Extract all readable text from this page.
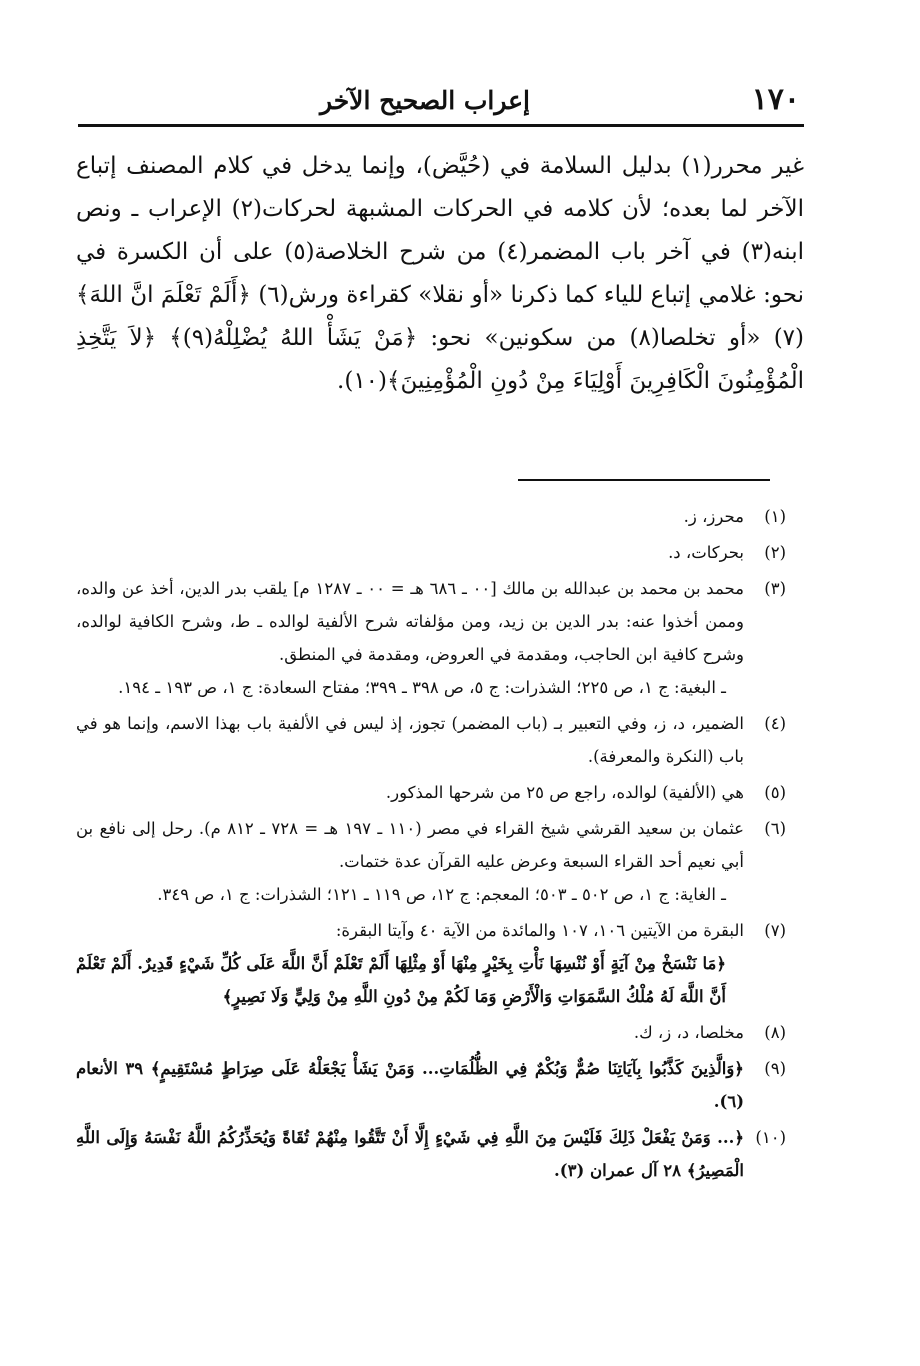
١٧٠
إعراب الصحيح الآخر

غير محرر(١) بدليل السلامة في (حُيَّض)، وإنما يدخل في كلام المصنف إتباع الآخر لما بعده؛ لأن كلامه في الحركات المشبهة لحركات(٢) الإعراب ـ ونص ابنه(٣) في آخر باب المضمر(٤) من شرح الخلاصة(٥) على أن الكسرة في نحو: غلامي إتباع للياء كما ذكرنا «أو نقلا» كقراءة ورش(٦) ﴿أَلَمْ تَعْلَمَ انَّ اللهَ﴾(٧) «أو تخلصا(٨) من سكونين» نحو: ﴿مَنْ يَشَأْ اللهُ يُضْلِلْهُ(٩)﴾ ﴿لاَ يَتَّخِذِ الْمُؤْمِنُونَ الْكَافِرِينَ أَوْلِيَاءَ مِنْ دُونِ الْمُؤْمِنِينَ﴾(١٠).

(١)

محرز، ز.

(٢)

بحركات، د.

(٣)

محمد بن محمد بن عبدالله بن مالك [٠٠ ـ ٦٨٦ هـ = ٠٠ ـ ١٢٨٧ م] يلقب بدر الدين، أخذ عن والده، وممن أخذوا عنه: بدر الدين بن زيد، ومن مؤلفاته شرح الألفية لوالده ـ ط، وشرح الكافية لوالده، وشرح كافية ابن الحاجب، ومقدمة في العروض، ومقدمة في المنطق.

ـ البغية: ج ١، ص ٢٢٥؛ الشذرات: ج ٥، ص ٣٩٨ ـ ٣٩٩؛ مفتاح السعادة: ج ١، ص ١٩٣ ـ ١٩٤.

(٤)

الضمير، د، ز، وفي التعبير بـ (باب المضمر) تجوز، إذ ليس في الألفية باب بهذا الاسم، وإنما هو في باب (النكرة والمعرفة).

(٥)

هي (الألفية) لوالده، راجع ص ٢٥ من شرحها المذكور.

(٦)

عثمان بن سعيد القرشي شيخ القراء في مصر (١١٠ ـ ١٩٧ هـ = ٧٢٨ ـ ٨١٢ م). رحل إلى نافع بن أبي نعيم أحد القراء السبعة وعرض عليه القرآن عدة ختمات.

ـ الغاية: ج ١، ص ٥٠٢ ـ ٥٠٣؛ المعجم: ج ١٢، ص ١١٩ ـ ١٢١؛ الشذرات: ج ١، ص ٣٤٩.

(٧)

البقرة من الآيتين ١٠٦، ١٠٧ والمائدة من الآية ٤٠ وآيتا البقرة:

﴿مَا نَنْسَخْ مِنْ آيَةٍ أَوْ نُنْسِهَا نَأْتِ بِخَيْرٍ مِنْهَا أَوْ مِثْلِهَا أَلَمْ تَعْلَمْ أَنَّ اللَّهَ عَلَى كُلِّ شَيْءٍ قَدِيرٌ. أَلَمْ تَعْلَمْ أَنَّ اللَّهَ لَهُ مُلْكُ السَّمَوَاتِ وَالْأَرْضِ وَمَا لَكُمْ مِنْ دُونِ اللَّهِ مِنْ وَلِيٍّ وَلَا نَصِيرٍ﴾

(٨)

مخلصا، د، ز، ك.

(٩)

﴿وَالَّذِينَ كَذَّبُوا بِآيَاتِنَا صُمٌّ وَبُكْمٌ فِي الظُّلُمَاتِ... وَمَنْ يَشَأْ يَجْعَلْهُ عَلَى صِرَاطٍ مُسْتَقِيمٍ﴾ ٣٩ الأنعام (٦).

(١٠)

﴿... وَمَنْ يَفْعَلْ ذَلِكَ فَلَيْسَ مِنَ اللَّهِ فِي شَيْءٍ إِلَّا أَنْ تَتَّقُوا مِنْهُمْ تُقَاةً وَيُحَذِّرُكُمُ اللَّهُ نَفْسَهُ وَإِلَى اللَّهِ الْمَصِيرُ﴾ ٢٨ آل عمران (٣).
